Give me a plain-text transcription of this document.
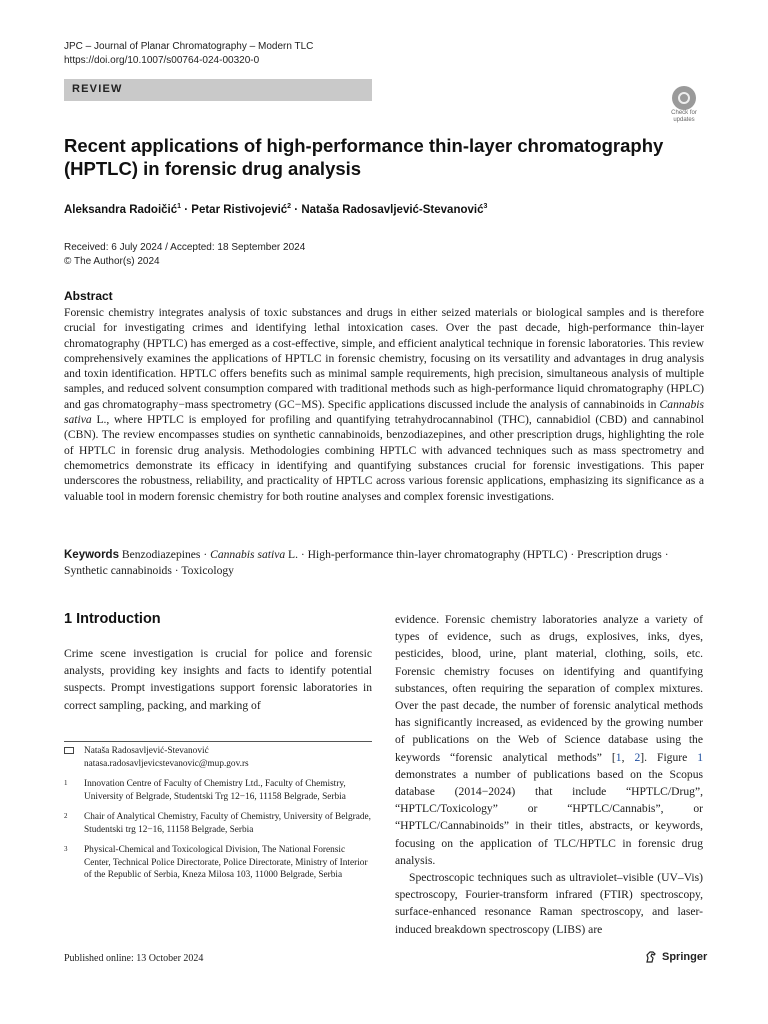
JPC – Journal of Planar Chromatography – Modern TLC
https://doi.org/10.1007/s00764-024-00320-0
REVIEW
Check for
updates
Recent applications of high-performance thin-layer chromatography (HPTLC) in forensic drug analysis
Aleksandra Radoičić$^1$ · Petar Ristivojević$^2$ · Nataša Radosavljević-Stevanović$^3$
Received: 6 July 2024 / Accepted: 18 September 2024
© The Author(s) 2024
Abstract
Forensic chemistry integrates analysis of toxic substances and drugs in either seized materials or biological samples and is therefore crucial for investigating crimes and identifying lethal intoxication cases. Over the past decade, high-performance thin-layer chromatography (HPTLC) has emerged as a cost-effective, simple, and efficient analytical technique in forensic laboratories. This review comprehensively examines the applications of HPTLC in forensic chemistry, focusing on its versatility and advantages in drug analysis and toxin identification. HPTLC offers benefits such as minimal sample requirements, high precision, simultaneous analysis of multiple samples, and reduced solvent consumption compared with traditional methods such as high-performance liquid chromatography (HPLC) and gas chromatography−mass spectrometry (GC−MS). Specific applications discussed include the analysis of cannabinoids in Cannabis sativa L., where HPTLC is employed for profiling and quantifying tetrahydrocannabinol (THC), cannabidiol (CBD) and cannabinol (CBN). The review encompasses studies on synthetic cannabinoids, benzodiazepines, and other prescription drugs, highlighting the role of HPTLC in forensic drug analysis. Methodologies combining HPTLC with advanced techniques such as mass spectrometry and chemometrics demonstrate its efficacy in identifying and quantifying substances crucial for forensic investigations. This paper underscores the robustness, reliability, and practicality of HPTLC across various forensic applications, emphasizing its significance as a valuable tool in modern forensic chemistry for both routine analyses and complex forensic investigations.
Keywords Benzodiazepines · Cannabis sativa L. · High-performance thin-layer chromatography (HPTLC) · Prescription drugs · Synthetic cannabinoids · Toxicology
1 Introduction
Crime scene investigation is crucial for police and forensic analysts, providing key insights and facts to identify potential suspects. Prompt investigations support forensic laboratories in correct sampling, packing, and marking of
Nataša Radosavljević-Stevanović
natasa.radosavljevicstevanovic@mup.gov.rs
1	Innovation Centre of Faculty of Chemistry Ltd., Faculty of Chemistry, University of Belgrade, Studentski Trg 12−16, 11158 Belgrade, Serbia
2	Chair of Analytical Chemistry, Faculty of Chemistry, University of Belgrade, Studentski trg 12−16, 11158 Belgrade, Serbia
3	Physical-Chemical and Toxicological Division, The National Forensic Center, Technical Police Directorate, Police Directorate, Ministry of Interior of the Republic of Serbia, Kneza Milosa 103, 11000 Belgrade, Serbia
evidence. Forensic chemistry laboratories analyze a variety of types of evidence, such as drugs, explosives, inks, dyes, pesticides, blood, urine, plant material, clothing, soils, etc. Forensic chemistry focuses on identifying and quantifying substances, often requiring the separation of complex mixtures. Over the past decade, the number of forensic analytical methods has significantly increased, as evidenced by the growing number of publications on the Web of Science database using the keywords “forensic analytical methods” [1, 2]. Figure 1 demonstrates a number of publications based on the Scopus database (2014−2024) that include “HPTLC/Drug”, “HPTLC/Toxicology” or “HPTLC/Cannabis”, or “HPTLC/Cannabinoids” in their titles, abstracts, or keywords, focusing on the application of TLC/HPTLC in forensic drug analysis.
Spectroscopic techniques such as ultraviolet–visible (UV–Vis) spectroscopy, Fourier-transform infrared (FTIR) spectroscopy, surface-enhanced resonance Raman spectroscopy, and laser-induced breakdown spectroscopy (LIBS) are
Published online: 13 October 2024	Springer
